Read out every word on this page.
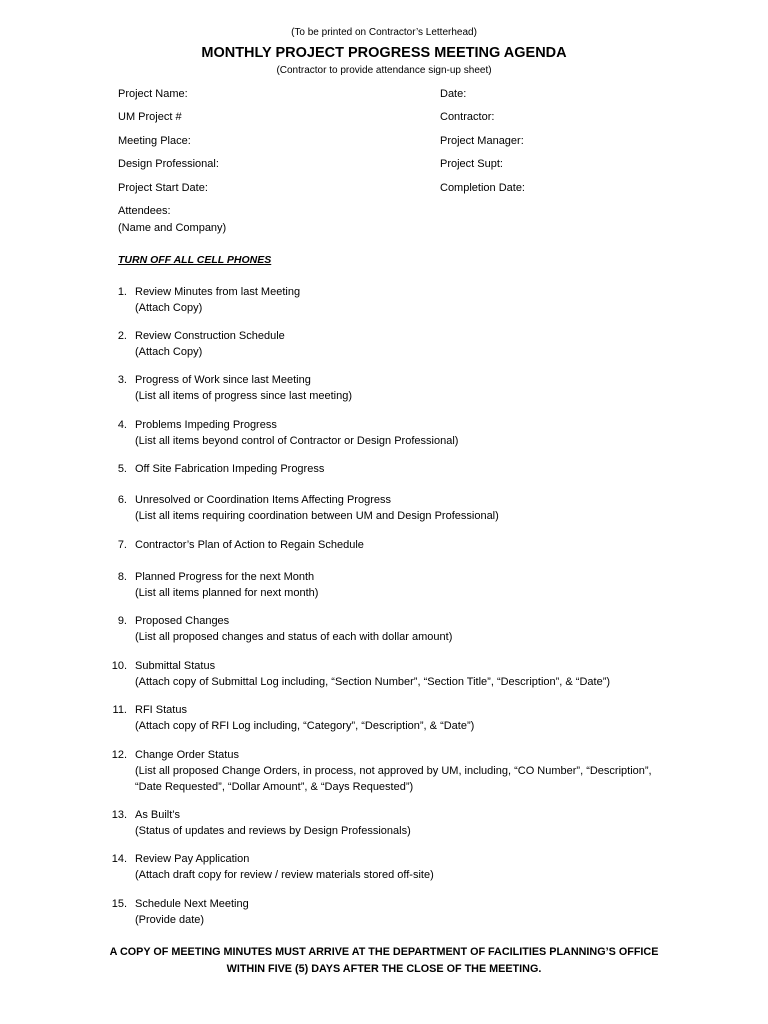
(To be printed on Contractor’s Letterhead)
MONTHLY PROJECT PROGRESS MEETING AGENDA
(Contractor to provide attendance sign-up sheet)
Project Name:
UM Project #
Meeting Place:
Design Professional:
Project Start Date:
Date:
Contractor:
Project Manager:
Project Supt:
Completion Date:
Attendees:
(Name and Company)
TURN OFF ALL CELL PHONES
1. Review Minutes from last Meeting
(Attach Copy)
2. Review Construction Schedule
(Attach Copy)
3. Progress of Work since last Meeting
(List all items of progress since last meeting)
4. Problems Impeding Progress
(List all items beyond control of Contractor or Design Professional)
5. Off Site Fabrication Impeding Progress
6. Unresolved or Coordination Items Affecting Progress
(List all items requiring coordination between UM and Design Professional)
7. Contractor’s Plan of Action to Regain Schedule
8. Planned Progress for the next Month
(List all items planned for next month)
9. Proposed Changes
(List all proposed changes and status of each with dollar amount)
10. Submittal Status
(Attach copy of Submittal Log including, “Section Number”, “Section Title”, “Description”, & “Date”)
11. RFI Status
(Attach copy of RFI Log including, “Category”, “Description”, & “Date”)
12. Change Order Status
(List all proposed Change Orders, in process, not approved by UM, including, “CO Number”, “Description”,
“Date Requested”, “Dollar Amount”, & “Days Requested”)
13. As Built’s
(Status of updates and reviews by Design Professionals)
14. Review Pay Application
(Attach draft copy for review / review materials stored off-site)
15. Schedule Next Meeting
(Provide date)
A COPY OF MEETING MINUTES MUST ARRIVE AT THE DEPARTMENT OF FACILITIES PLANNING’S OFFICE
WITHIN FIVE (5) DAYS AFTER THE CLOSE OF THE MEETING.
